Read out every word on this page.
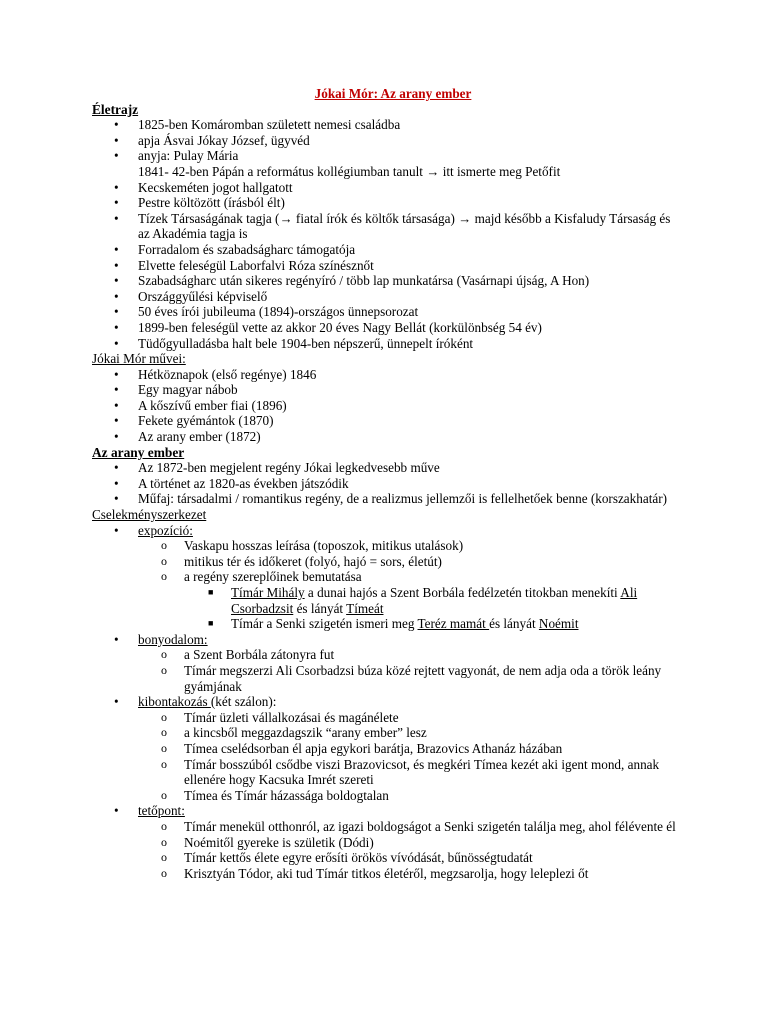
Jókai Mór: Az arany ember
Életrajz
• 1825-ben Komáromban született nemesi családba
• apja Ásvai Jókay József, ügyvéd
• anyja: Pulay Mária
1841- 42-ben Pápán a református kollégiumban tanult → itt ismerte meg Petőfit
• Kecskeméten jogot hallgatott
• Pestre költözött (írásból élt)
• Tízek Társaságának tagja (→ fiatal írók és költők társasága) → majd később a Kisfaludy Társaság és az Akadémia tagja is
• Forradalom és szabadságharc támogatója
• Elvette feleségül Laborfalvi Róza színésznőt
• Szabadságharc után sikeres regényíró / több lap munkatársa (Vasárnapi újság, A Hon)
• Országgyűlési képviselő
• 50 éves írói jubileuma (1894)-országos ünnepsorozat
• 1899-ben feleségül vette az akkor 20 éves Nagy Bellát (korkülönbség 54 év)
• Tüdőgyulladásba halt bele 1904-ben népszerű, ünnepelt íróként
Jókai Mór művei:
• Hétköznapok (első regénye) 1846
• Egy magyar nábob
• A kőszívű ember fiai (1896)
• Fekete gyémántok (1870)
• Az arany ember (1872)
Az arany ember
• Az 1872-ben megjelent regény Jókai legkedvesebb műve
• A történet az 1820-as években játszódik
• Műfaj: társadalmi / romantikus regény, de a realizmus jellemzői is fellelhetőek benne (korszakhatár)
Cselekményszerkezet
• expozíció:
o Vaskapu hosszas leírása (toposzok, mitikus utalások)
o mitikus tér és időkeret (folyó, hajó = sors, életút)
o a regény szereplőinek bemutatása
■ Tímár Mihály a dunai hajós a Szent Borbála fedélzetén titokban menekíti Ali Csorbadzsit és lányát Tímeát
■ Tímár a Senki szigetén ismeri meg Teréz mamát és lányát Noémit
• bonyodalom:
o a Szent Borbála zátonyra fut
o Tímár megszerzi Ali Csorbadzsi búza közé rejtett vagyonát, de nem adja oda a török leány gyámjának
• kibontakozás (két szálon):
o Tímár üzleti vállalkozásai és magánélete
o a kincsből meggazdagszik “arany ember” lesz
o Tímea cselédsorban él apja egykori barátja, Brazovics Athanáz házában
o Tímár bosszúból csődbe viszi Brazovicsot, és megkéri Tímea kezét aki igent mond, annak ellenére hogy Kacsuka Imrét szereti
o Tímea és Tímár házassága boldogtalan
• tetőpont:
o Tímár menekül otthonról, az igazi boldogságot a Senki szigetén találja meg, ahol félévente él
o Noémitől gyereke is születik (Dódi)
o Tímár kettős élete egyre erősíti örökös vívódását, bűnösségtudatát
o Krisztyán Tódor, aki tud Tímár titkos életéről, megzsarolja, hogy leleplezi őt
